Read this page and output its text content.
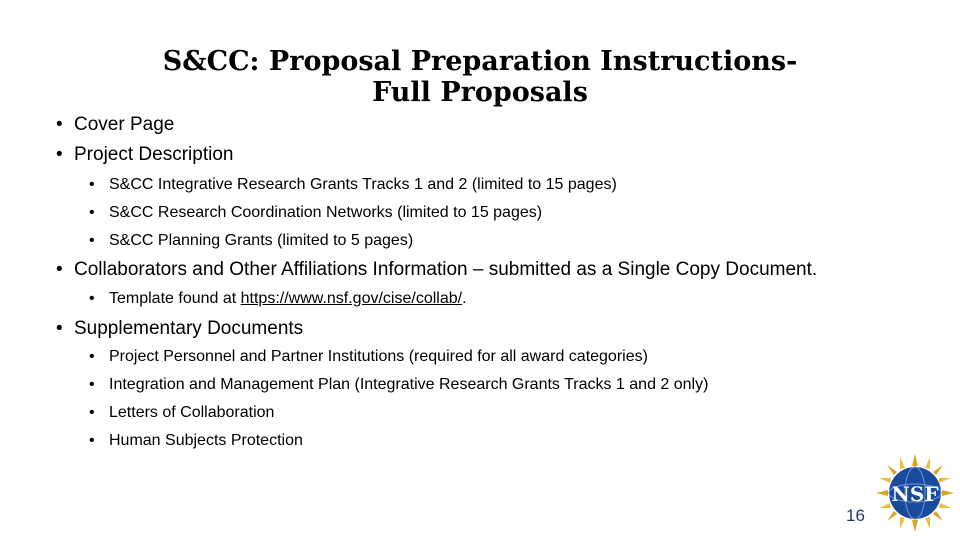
S&CC: Proposal Preparation Instructions-
Full Proposals
• Cover Page
• Project Description
• S&CC Integrative Research Grants Tracks 1 and 2 (limited to 15 pages)
• S&CC Research Coordination Networks (limited to 15 pages)
• S&CC Planning Grants (limited to 5 pages)
• Collaborators and Other Affiliations Information – submitted as a Single Copy Document.
• Template found at https://www.nsf.gov/cise/collab/.
• Supplementary Documents
• Project Personnel and Partner Institutions (required for all award categories)
• Integration and Management Plan (Integrative Research Grants Tracks 1 and 2 only)
• Letters of Collaboration
• Human Subjects Protection
16
NSF
